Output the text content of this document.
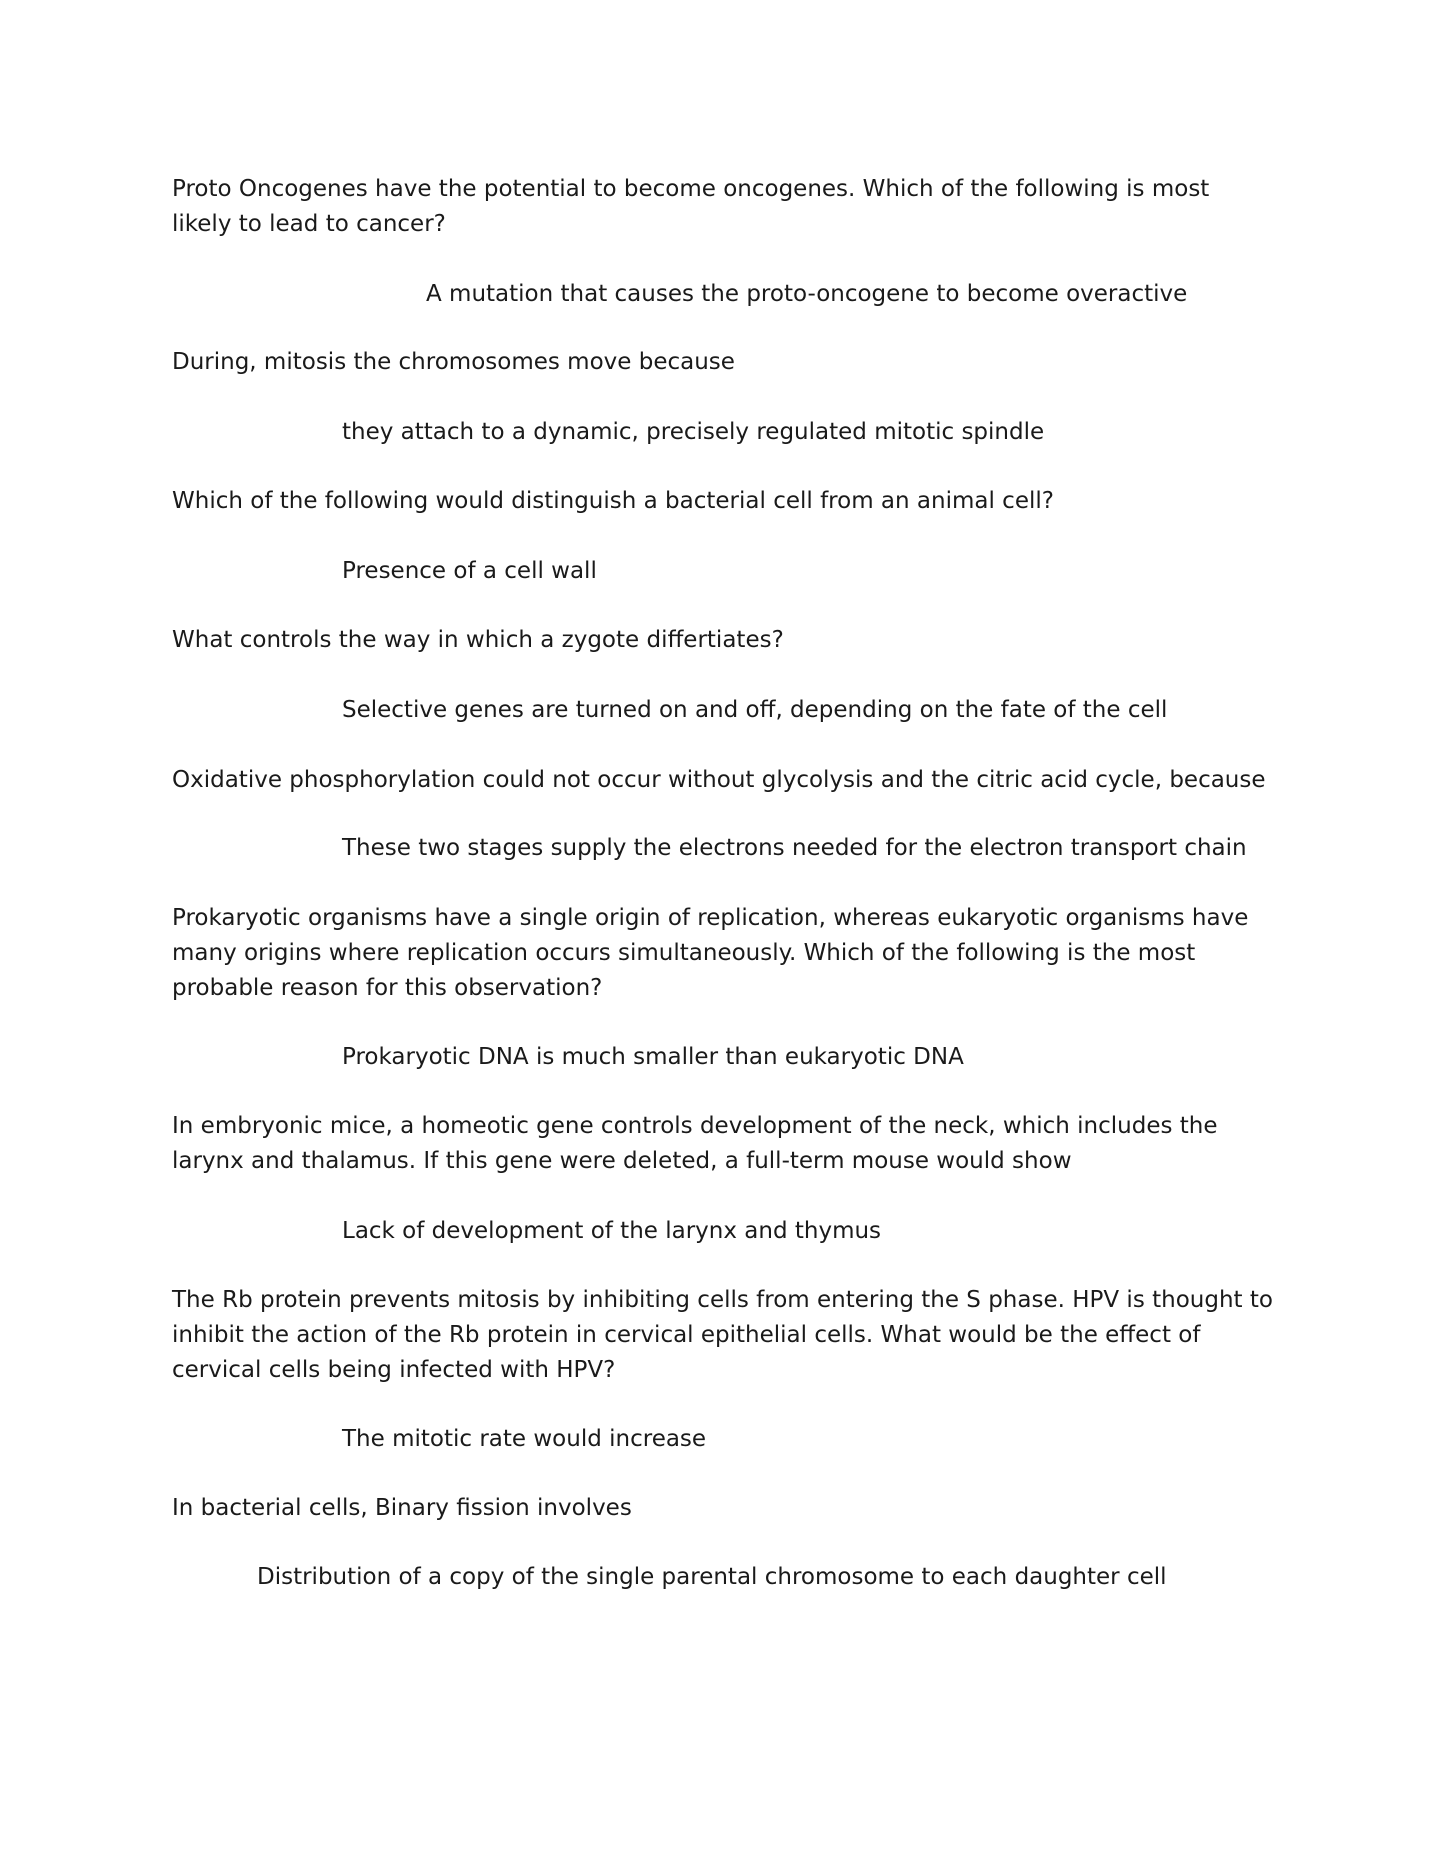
Proto Oncogenes have the potential to become oncogenes. Which of the following is most
likely to lead to cancer?

A mutation that causes the proto-oncogene to become overactive

During, mitosis the chromosomes move because

they attach to a dynamic, precisely regulated mitotic spindle

Which of the following would distinguish a bacterial cell from an animal cell?

Presence of a cell wall

What controls the way in which a zygote differtiates?

Selective genes are turned on and off, depending on the fate of the cell

Oxidative phosphorylation could not occur without glycolysis and the citric acid cycle, because

These two stages supply the electrons needed for the electron transport chain

Prokaryotic organisms have a single origin of replication, whereas eukaryotic organisms have
many origins where replication occurs simultaneously. Which of the following is the most
probable reason for this observation?

Prokaryotic DNA is much smaller than eukaryotic DNA

In embryonic mice, a homeotic gene controls development of the neck, which includes the
larynx and thalamus. If this gene were deleted, a full-term mouse would show

Lack of development of the larynx and thymus

The Rb protein prevents mitosis by inhibiting cells from entering the S phase. HPV is thought to
inhibit the action of the Rb protein in cervical epithelial cells. What would be the effect of
cervical cells being infected with HPV?

The mitotic rate would increase

In bacterial cells, Binary fission involves

Distribution of a copy of the single parental chromosome to each daughter cell
